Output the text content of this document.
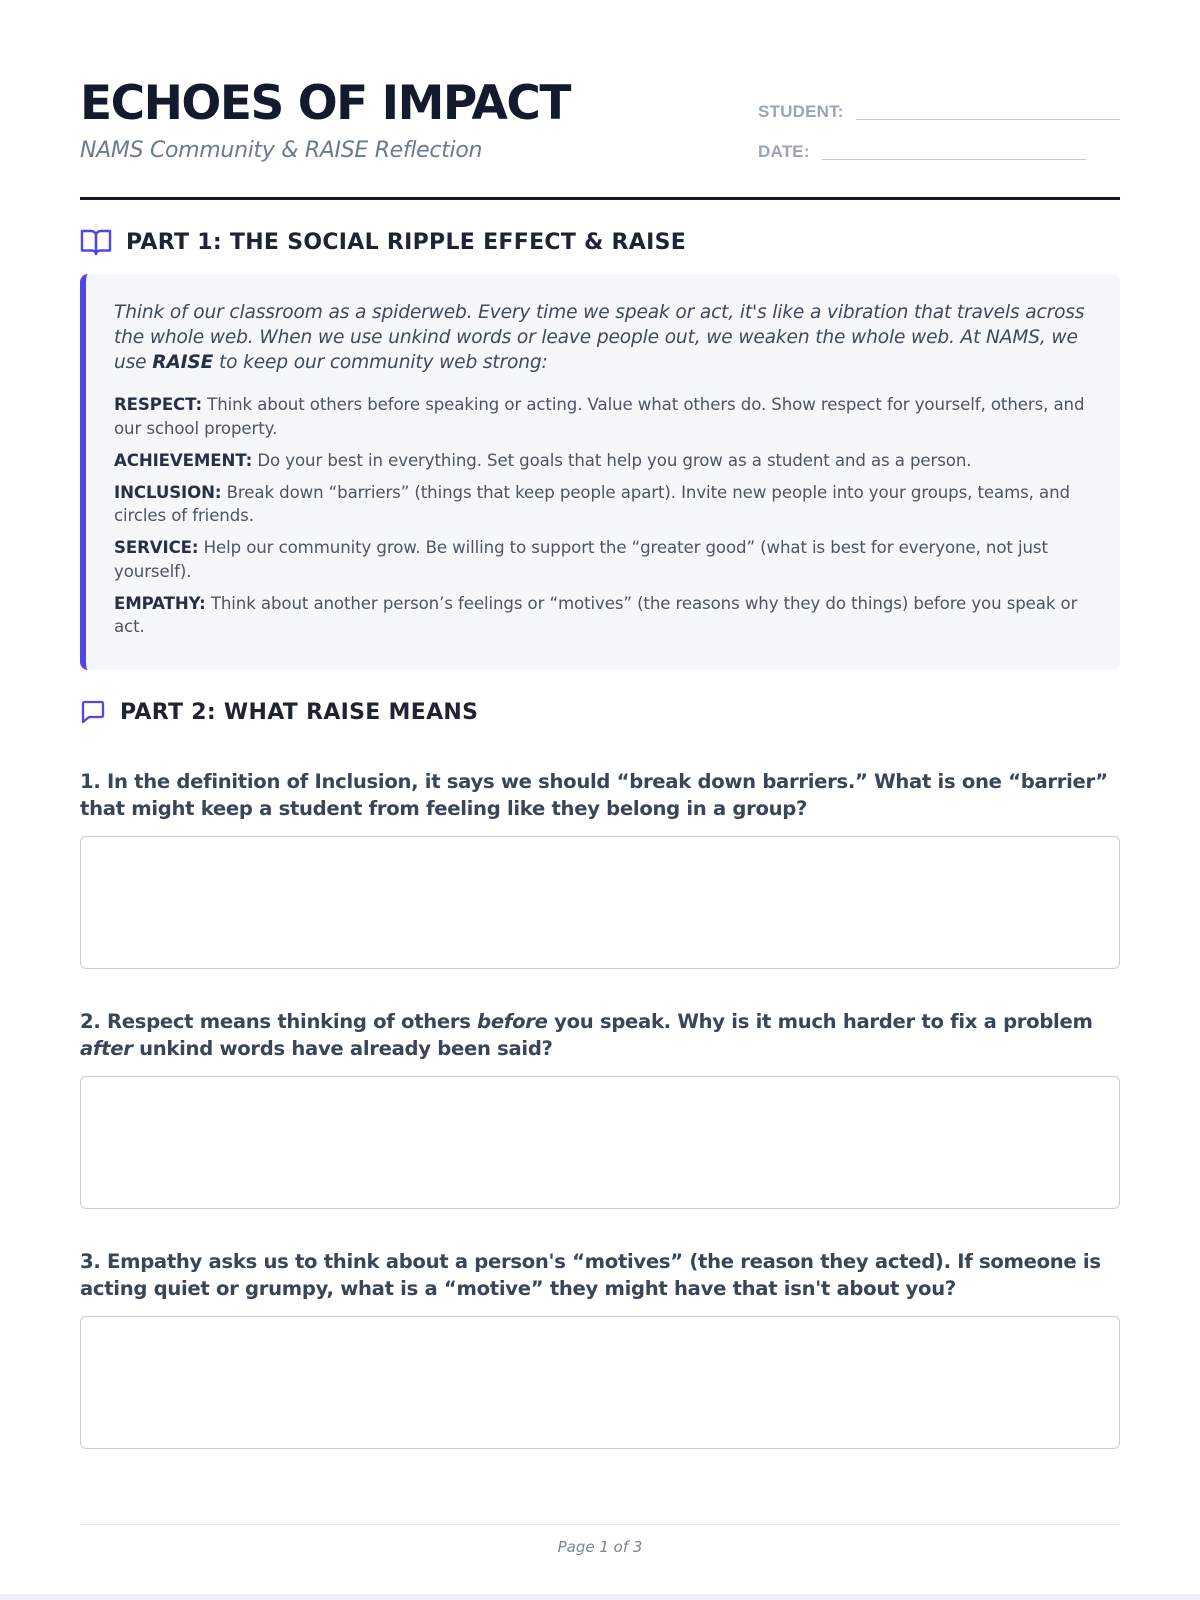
ECHOES OF IMPACT
NAMS Community & RAISE Reflection
STUDENT:
DATE:
PART 1: THE SOCIAL RIPPLE EFFECT & RAISE

Think of our classroom as a spiderweb. Every time we speak or act, it's like a vibration that travels across the whole web. When we use unkind words or leave people out, we weaken the whole web. At NAMS, we use RAISE to keep our community web strong:

RESPECT: Think about others before speaking or acting. Value what others do. Show respect for yourself, others, and our school property.

ACHIEVEMENT: Do your best in everything. Set goals that help you grow as a student and as a person.

INCLUSION: Break down “barriers” (things that keep people apart). Invite new people into your groups, teams, and circles of friends.

SERVICE: Help our community grow. Be willing to support the “greater good” (what is best for everyone, not just yourself).

EMPATHY: Think about another person’s feelings or “motives” (the reasons why they do things) before you speak or act.

PART 2: WHAT RAISE MEANS

1. In the definition of Inclusion, it says we should “break down barriers.” What is one “barrier” that might keep a student from feeling like they belong in a group?

2. Respect means thinking of others before you speak. Why is it much harder to fix a problem after unkind words have already been said?

3. Empathy asks us to think about a person's “motives” (the reason they acted). If someone is acting quiet or grumpy, what is a “motive” they might have that isn't about you?

Page 1 of 3
